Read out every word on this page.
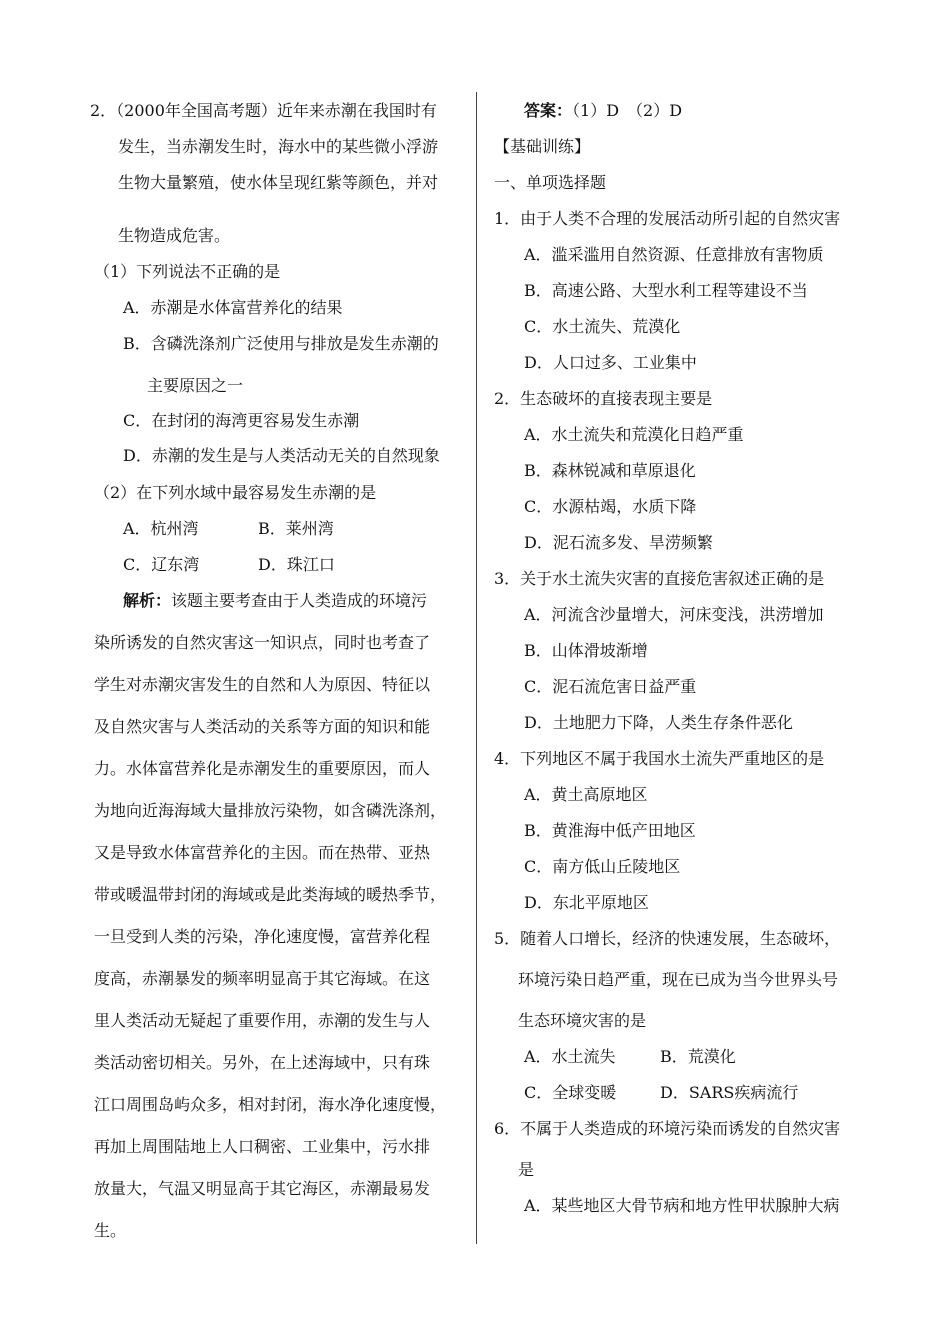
2．（2000年全国高考题）近年来赤潮在我国时有
发生，当赤潮发生时，海水中的某些微小浮游
生物大量繁殖，使水体呈现红紫等颜色，并对
生物造成危害。
（1）下列说法不正确的是
A．赤潮是水体富营养化的结果
B．含磷洗涤剂广泛使用与排放是发生赤潮的
主要原因之一
C．在封闭的海湾更容易发生赤潮
D．赤潮的发生是与人类活动无关的自然现象
（2）在下列水域中最容易发生赤潮的是
A．杭州湾	B．莱州湾
C．辽东湾	D．珠江口
解析：该题主要考查由于人类造成的环境污
染所诱发的自然灾害这一知识点，同时也考查了
学生对赤潮灾害发生的自然和人为原因、特征以
及自然灾害与人类活动的关系等方面的知识和能
力。水体富营养化是赤潮发生的重要原因，而人
为地向近海海域大量排放污染物，如含磷洗涤剂，
又是导致水体富营养化的主因。而在热带、亚热
带或暖温带封闭的海域或是此类海域的暖热季节，
一旦受到人类的污染，净化速度慢，富营养化程
度高，赤潮暴发的频率明显高于其它海域。在这
里人类活动无疑起了重要作用，赤潮的发生与人
类活动密切相关。另外，在上述海域中，只有珠
江口周围岛屿众多，相对封闭，海水净化速度慢，
再加上周围陆地上人口稠密、工业集中，污水排
放量大，气温又明显高于其它海区，赤潮最易发
生。
答案：（1）D　（2）D
【基础训练】
一、单项选择题
1．由于人类不合理的发展活动所引起的自然灾害
A．滥采滥用自然资源、任意排放有害物质
B．高速公路、大型水利工程等建设不当
C．水土流失、荒漠化
D．人口过多、工业集中
2．生态破坏的直接表现主要是
A．水土流失和荒漠化日趋严重
B．森林锐减和草原退化
C．水源枯竭，水质下降
D．泥石流多发、旱涝频繁
3．关于水土流失灾害的直接危害叙述正确的是
A．河流含沙量增大，河床变浅，洪涝增加
B．山体滑坡渐增
C．泥石流危害日益严重
D．土地肥力下降，人类生存条件恶化
4．下列地区不属于我国水土流失严重地区的是
A．黄土高原地区
B．黄淮海中低产田地区
C．南方低山丘陵地区
D．东北平原地区
5．随着人口增长，经济的快速发展，生态破坏，
环境污染日趋严重，现在已成为当今世界头号
生态环境灾害的是
A．水土流失	B．荒漠化
C．全球变暖	D．SARS疾病流行
6．不属于人类造成的环境污染而诱发的自然灾害
是
A．某些地区大骨节病和地方性甲状腺肿大病
